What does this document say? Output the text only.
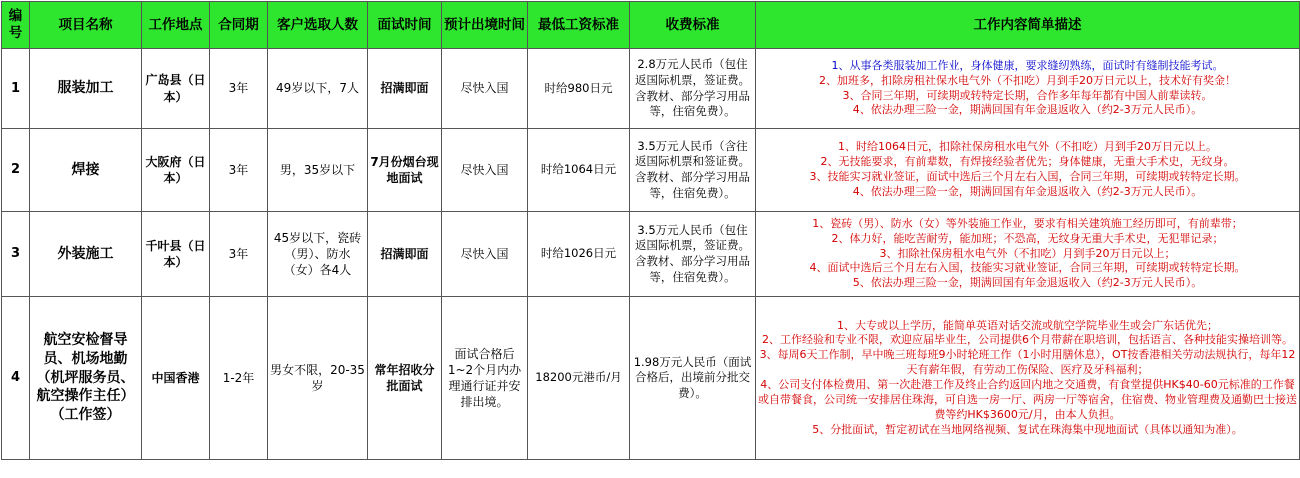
编号	项目名称	工作地点	合同期	客户选取人数	面试时间	预计出境时间	最低工资标准	收费标准	工作内容简单描述
1	服装加工	广岛县（日本）	3年	49岁以下，7人	招满即面	尽快入国	时给980日元	2.8万元人民币（包住返国际机票，签证费。含教材、部分学习用品等，住宿免费）。	1、从事各类服装加工作业，身体健康，要求缝纫熟练，面试时有缝制技能考试。
2、加班多，扣除房租社保水电气外（不扣吃）月到手20万日元以上，技术好有奖金！
3、合同三年期，可续期或转特定长期，合作多年每年都有中国人前辈读转。
4、依法办理三险一金，期满回国有年金退返收入（约2-3万元人民币）。

2	焊接	大阪府（日本）	3年	男，35岁以下	7月份烟台现地面试	尽快入国	时给1064日元	3.5万元人民币（含往返国际机票和签证费。含教材、部分学习用品等，住宿免费）。	1、时给1064日元，扣除社保房租水电气外（不扣吃）月到手20万日元以上。
2、无技能要求，有前辈数，有焊接经验者优先；身体健康，无重大手术史，无纹身。
3、技能实习就业签证，面试中选后三个月左右入国，合同三年期，可续期或转特定长期。
4、依法办理三险一金，期满回国有年金退返收入（约2-3万元人民币）。

3	外装施工	千叶县（日本）	3年	45岁以下，瓷砖（男）、防水（女）各4人	招满即面	尽快入国	时给1026日元	3.5万元人民币（包住返国际机票，签证费。含教材、部分学习用品等，住宿免费）。	1、瓷砖（男）、防水（女）等外装施工作业，要求有相关建筑施工经历即可，有前辈带；
2、体力好，能吃苦耐劳，能加班；不恐高，无纹身无重大手术史，无犯罪记录；
3、扣除社保房租水电气外（不扣吃）月到手20万日元以上；
4、面试中选后三个月左右入国，技能实习就业签证，合同三年期，可续期或转特定长期。
5、依法办理三险一金，期满回国有年金退返收入（约2-3万元人民币）。

4	航空安检督导员、机场地勤（机坪服务员、航空操作主任）（工作签）	中国香港	1-2年	男女不限，20-35岁	常年招收分批面试	面试合格后1~2个月内办理通行证并安排出境。	18200元港币/月	1.98万元人民币（面试合格后，出境前分批交费）。	1、大专或以上学历，能简单英语对话交流或航空学院毕业生或会广东话优先；
2、工作经验和专业不限，欢迎应届毕业生，公司提供6个月带薪在职培训，包括语言、各种技能实操培训等。
3、每周6天工作制，早中晚三班每班9小时轮班工作（1小时用膳休息），OT按香港相关劳动法规执行，每年12天有薪年假，有劳动工伤保险、医疗及牙科福利；
4、公司支付体检费用、第一次赴港工作及终止合约返回内地之交通费，有食堂提供HK$40-60元标准的工作餐或自带餐食，公司统一安排居住珠海，可自选一房一厅、两房一厅等宿舍，住宿费、物业管理费及通勤巴士接送费等约HK$3600元/月，由本人负担。
5、分批面试，暂定初试在当地网络视频、复试在珠海集中现地面试（具体以通知为准）。
